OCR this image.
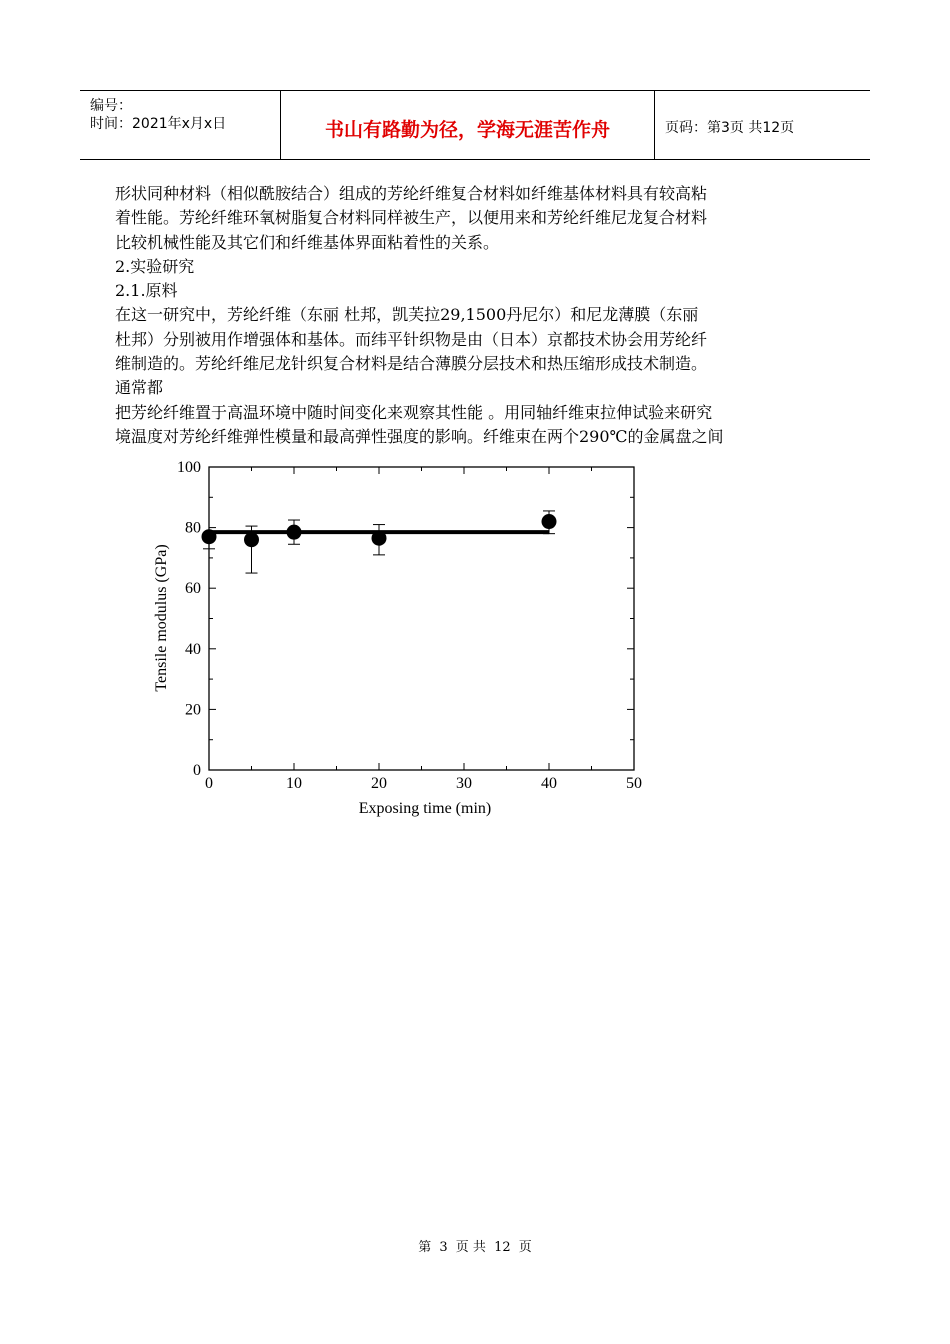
编号：
时间：2021年x月x日	书山有路勤为径，学海无涯苦作舟	页码：第3页 共12页
形状同种材料（相似酰胺结合）组成的芳纶纤维复合材料如纤维基体材料具有较高粘
着性能。芳纶纤维环氧树脂复合材料同样被生产，以便用来和芳纶纤维尼龙复合材料
比较机械性能及其它们和纤维基体界面粘着性的关系。
2.实验研究
2.1.原料
在这一研究中，芳纶纤维（东丽 杜邦，凯芙拉29,1500丹尼尔）和尼龙薄膜（东丽
杜邦）分别被用作增强体和基体。而纬平针织物是由（日本）京都技术协会用芳纶纤
维制造的。芳纶纤维尼龙针织复合材料是结合薄膜分层技术和热压缩形成技术制造。
通常都
把芳纶纤维置于高温环境中随时间变化来观察其性能 。用同轴纤维束拉伸试验来研究
境温度对芳纶纤维弹性模量和最高弹性强度的影响。纤维束在两个290℃的金属盘之间
0	10	20	30	40	50
0
20
40
60
80
100
Exposing time (min)
Tensile modulus (GPa)
第 3 页 共 12 页
